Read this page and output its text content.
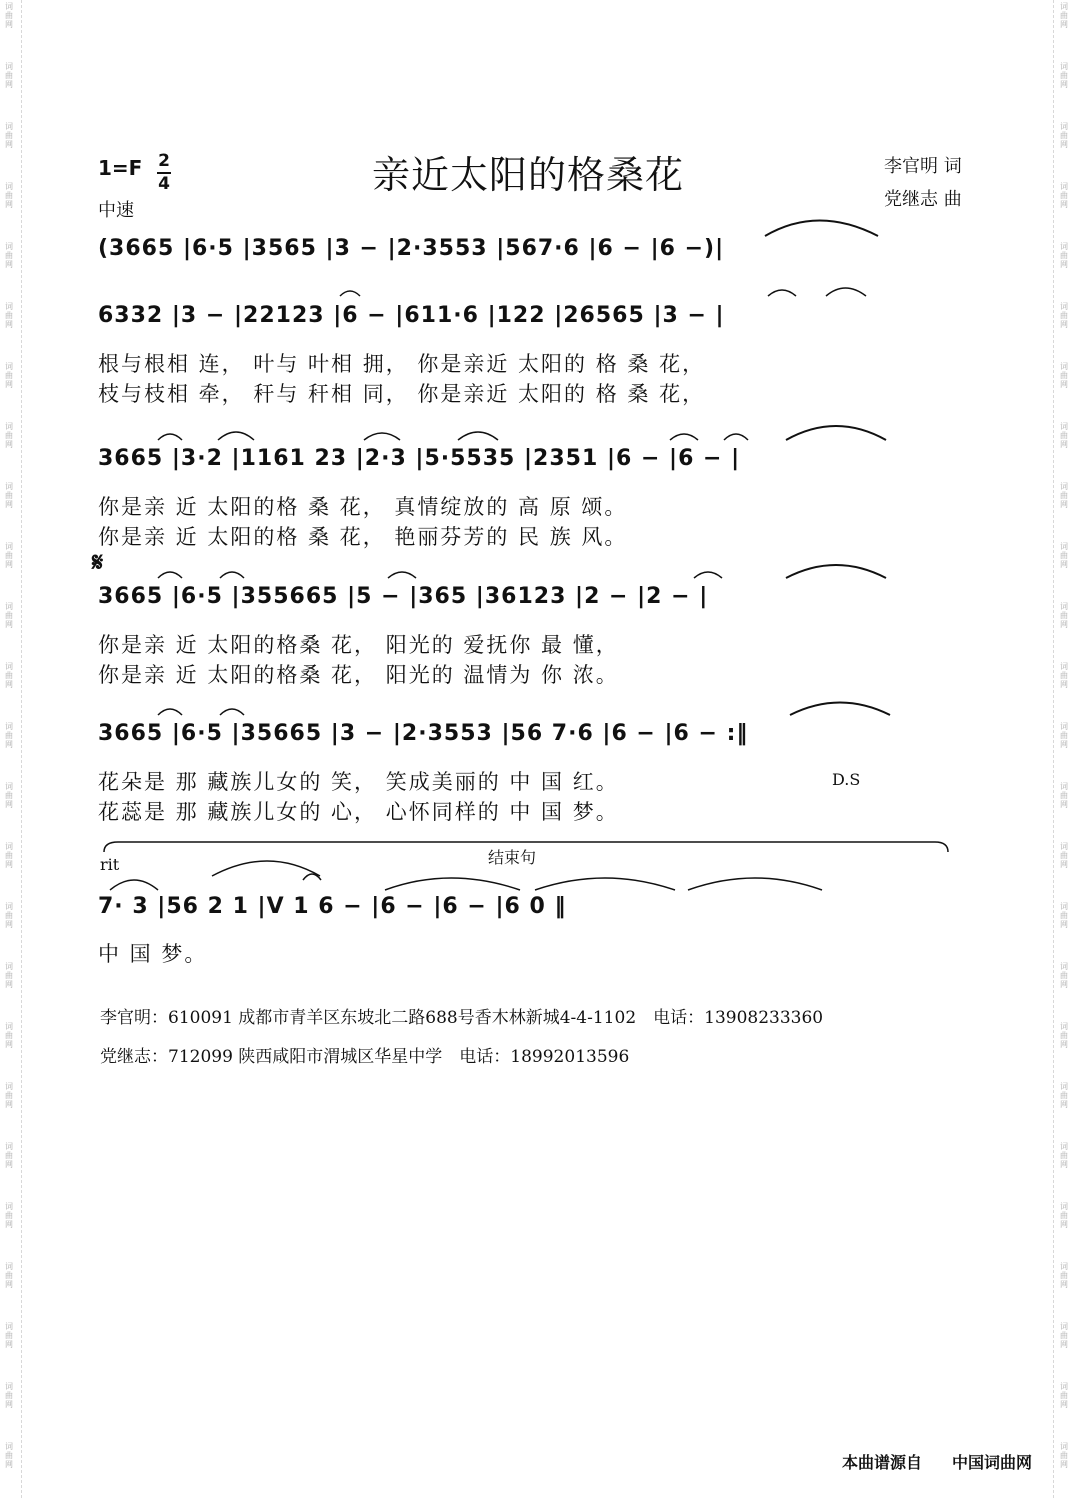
词
曲
网
词
曲
网
词
曲
网
词
曲
网
词
曲
网
词
曲
网
词
曲
网
词
曲
网
词
曲
网
词
曲
网
词
曲
网
词
曲
网
词
曲
网
词
曲
网
词
曲
网
词
曲
网
词
曲
网
词
曲
网
词
曲
网
词
曲
网
词
曲
网
词
曲
网
词
曲
网
词
曲
网
词
曲
网
词
曲
网
词
曲
网
词
曲
网
词
曲
网
词
曲
网
词
曲
网
词
曲
网
词
曲
网
词
曲
网
词
曲
网
词
曲
网
词
曲
网
词
曲
网
词
曲
网
词
曲
网
词
曲
网
词
曲
网
词
曲
网
词
曲
网
词
曲
网
词
曲
网
词
曲
网
词
曲
网
词
曲
网
词
曲
网
1=F 2
4
中速
亲近太阳的格桑花	李官明 词
党继志 曲
(3665 |6·5 |3565 |3 − |2·3553 |567·6 |6 − |6 −)|
6332 |3 − |22123 |6 − |611·6 |122 |26565 |3 − |
根与根相 连， 叶与 叶相 拥， 你是亲近 太阳的 格 桑 花，
枝与枝相 牵， 秆与 秆相 同， 你是亲近 太阳的 格 桑 花，
3665 |3·2 |1161 23 |2·3 |5·5535 |2351 |6 − |6 − |
你是亲 近 太阳的格 桑 花， 真情绽放的 高 原 颂。
你是亲 近 太阳的格 桑 花， 艳丽芬芳的 民 族 风。
𝄋
3665 |6·5 |355665 |5 − |365 |36123 |2 − |2 − |
你是亲 近 太阳的格桑 花， 阳光的 爱抚你 最 懂，
你是亲 近 太阳的格桑 花， 阳光的 温情为 你 浓。
3665 |6·5 |35665 |3 − |2·3553 |56 7·6 |6 − |6 − :‖
花朵是 那 藏族儿女的 笑， 笑成美丽的 中 国 红。	D.S
花蕊是 那 藏族儿女的 心， 心怀同样的 中 国 梦。
结束句
rit
7· 3 |56 2 1 |V 1 6 − |6 − |6 − |6 0 ‖
中 国 梦。
李官明：610091 成都市青羊区东坡北二路688号香木林新城4-4-1102　电话：13908233360
党继志：712099 陕西咸阳市渭城区华星中学　电话：18992013596
本曲谱源自 中国词曲网
